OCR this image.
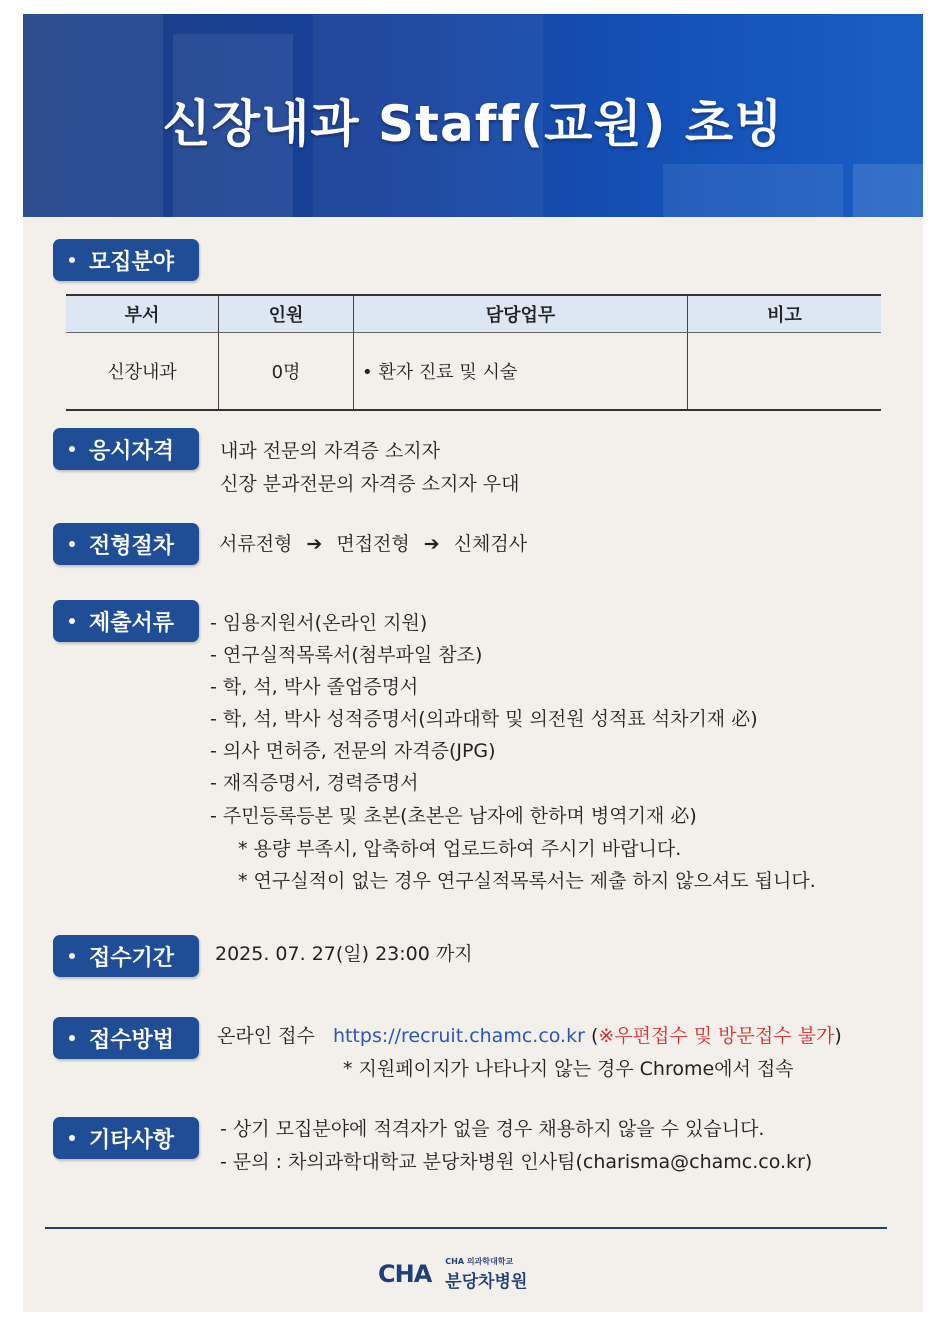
신장내과 Staff(교원) 초빙
모집분야
부서	인원	담당업무	비고
신장내과	0명	• 환자 진료 및 시술	
응시자격 내과 전문의 자격증 소지자
신장 분과전문의 자격증 소지자 우대
전형절차 서류전형 ➔ 면접전형 ➔ 신체검사
제출서류 - 임용지원서(온라인 지원)
- 연구실적목록서(첨부파일 참조)
- 학, 석, 박사 졸업증명서
- 학, 석, 박사 성적증명서(의과대학 및 의전원 성적표 석차기재 必)
- 의사 면허증, 전문의 자격증(JPG)
- 재직증명서, 경력증명서
- 주민등록등본 및 초본(초본은 남자에 한하며 병역기재 必)
* 용량 부족시, 압축하여 업로드하여 주시기 바랍니다.
* 연구실적이 없는 경우 연구실적목록서는 제출 하지 않으셔도 됩니다.
접수기간 2025. 07. 27(일) 23:00 까지
접수방법 온라인 접수 https://recruit.chamc.co.kr (※우편접수 및 방문접수 불가)
* 지원페이지가 나타나지 않는 경우 Chrome에서 접속
기타사항 - 상기 모집분야에 적격자가 없을 경우 채용하지 않을 수 있습니다.
- 문의 : 차의과학대학교 분당차병원 인사팀(charisma@chamc.co.kr)
CHA CHA 의과학대학교
분당차병원
